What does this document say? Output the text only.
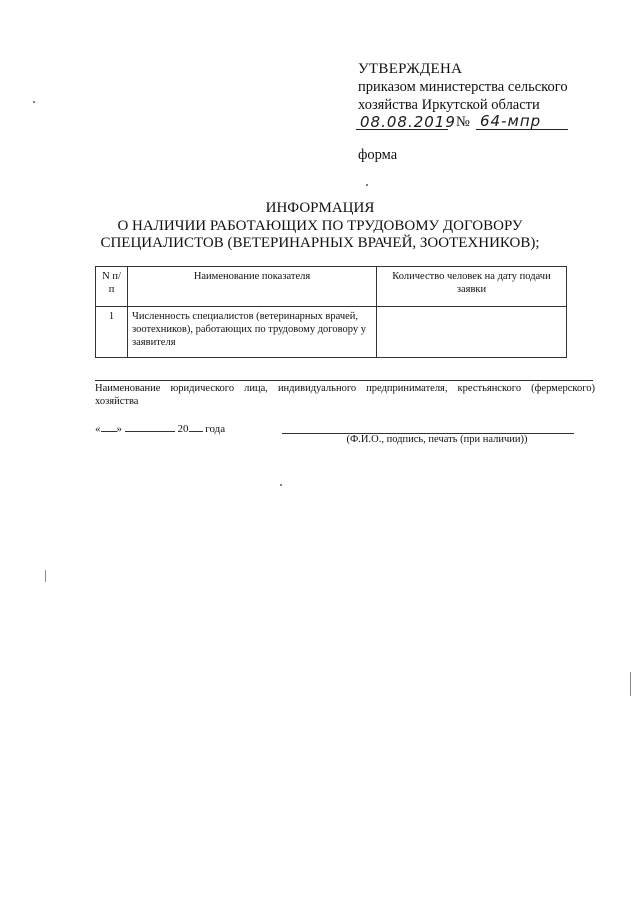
УТВЕРЖДЕНА
приказом министерства сельского
хозяйства Иркутской области
08.08.2019 № 64-мпр
форма
ИНФОРМАЦИЯ
О НАЛИЧИИ РАБОТАЮЩИХ ПО ТРУДОВОМУ ДОГОВОРУ
СПЕЦИАЛИСТОВ (ВЕТЕРИНАРНЫХ ВРАЧЕЙ, ЗООТЕХНИКОВ);
N п/п	Наименование показателя	Количество человек на дату подачи заявки
1	Численность специалистов (ветеринарных врачей, зоотехников), работающих по трудовому договору у заявителя	
Наименование юридического лица, индивидуального предпринимателя, крестьянского (фермерского) хозяйства
« »	20 года
(Ф.И.О., подпись, печать (при наличии))
